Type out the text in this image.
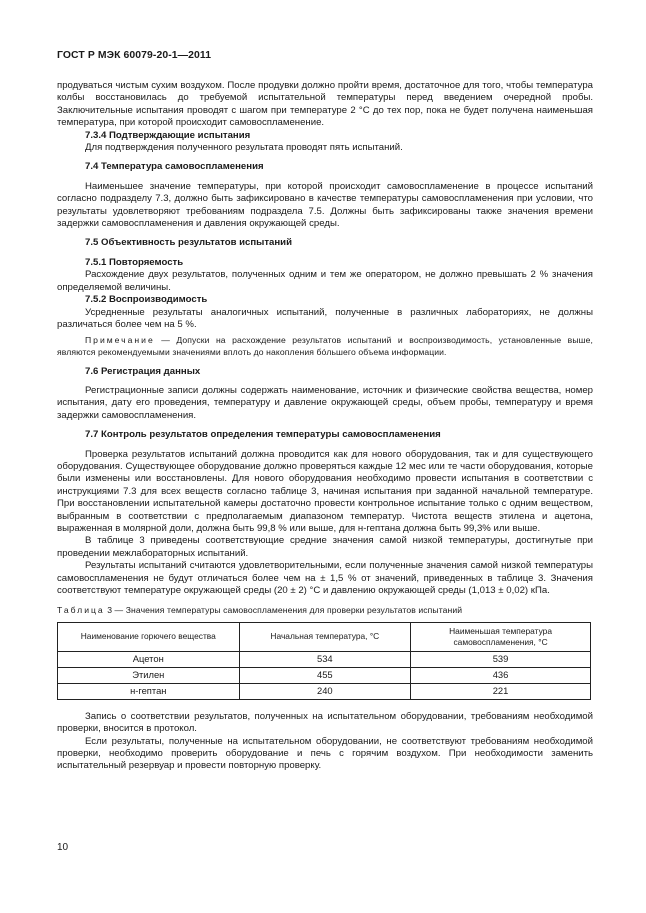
ГОСТ Р МЭК 60079-20-1—2011

продуваться чистым сухим воздухом. После продувки должно пройти время, достаточное для того, чтобы температура колбы восстановилась до требуемой испытательной температуры перед введением очередной пробы. Заключительные испытания проводят с шагом при температуре 2 °С до тех пор, пока не будет получена наименьшая температура, при которой происходит самовоспламенение.

7.3.4 Подтверждающие испытания

Для подтверждения полученного результата проводят пять испытаний.

7.4 Температура самовоспламенения

Наименьшее значение температуры, при которой происходит самовоспламенение в процессе испытаний согласно подразделу 7.3, должно быть зафиксировано в качестве температуры самовоспламенения при условии, что результаты удовлетворяют требованиям подраздела 7.5. Должны быть зафиксированы также значения времени задержки самовоспламенения и давления окружающей среды.

7.5 Объективность результатов испытаний

7.5.1 Повторяемость

Расхождение двух результатов, полученных одним и тем же оператором, не должно превышать 2 % значения определяемой величины.

7.5.2 Воспроизводимость

Усредненные результаты аналогичных испытаний, полученные в различных лабораториях, не должны различаться более чем на 5 %.

Примечание — Допуски на расхождение результатов испытаний и воспроизводимость, установленные выше, являются рекомендуемыми значениями вплоть до накопления бóльшего объема информации.

7.6 Регистрация данных

Регистрационные записи должны содержать наименование, источник и физические свойства вещества, номер испытания, дату его проведения, температуру и давление окружающей среды, объем пробы, температуру и время задержки самовоспламенения.

7.7 Контроль результатов определения температуры самовоспламенения

Проверка результатов испытаний должна проводится как для нового оборудования, так и для существующего оборудования. Существующее оборудование должно проверяться каждые 12 мес или те части оборудования, которые были изменены или восстановлены. Для нового оборудования необходимо провести испытания в соответствии с инструкциями 7.3 для всех веществ согласно таблице 3, начиная испытания при заданной начальной температуре. При восстановлении испытательной камеры достаточно провести контрольное испытание только с одним веществом, выбранным в соответствии с предполагаемым диапазоном температур. Чистота веществ этилена и ацетона, выраженная в молярной доли, должна быть 99,8 % или выше, для н-гептана должна быть 99,3% или выше.

В таблице 3 приведены соответствующие средние значения самой низкой температуры, достигнутые при проведении межлабораторных испытаний.

Результаты испытаний считаются удовлетворительными, если полученные значения самой низкой температуры самовоспламенения не будут отличаться более чем на ± 1,5 % от значений, приведенных в таблице 3. Значения соответствуют температуре окружающей среды (20 ± 2) °С и давлению окружающей среды (1,013 ± 0,02) кПа.

Таблица 3 — Значения температуры самовоспламенения для проверки результатов испытаний

Наименование горючего вещества	Начальная температура, °С	Наименьшая температура самовоспламенения, °С
Ацетон	534	539
Этилен	455	436
н-гептан	240	221

Запись о соответствии результатов, полученных на испытательном оборудовании, требованиям необходимой проверки, вносится в протокол.

Если результаты, полученные на испытательном оборудовании, не соответствуют требованиям необходимой проверки, необходимо проверить оборудование и печь с горячим воздухом. При необходимости заменить испытательный резервуар и провести повторную проверку.

10
